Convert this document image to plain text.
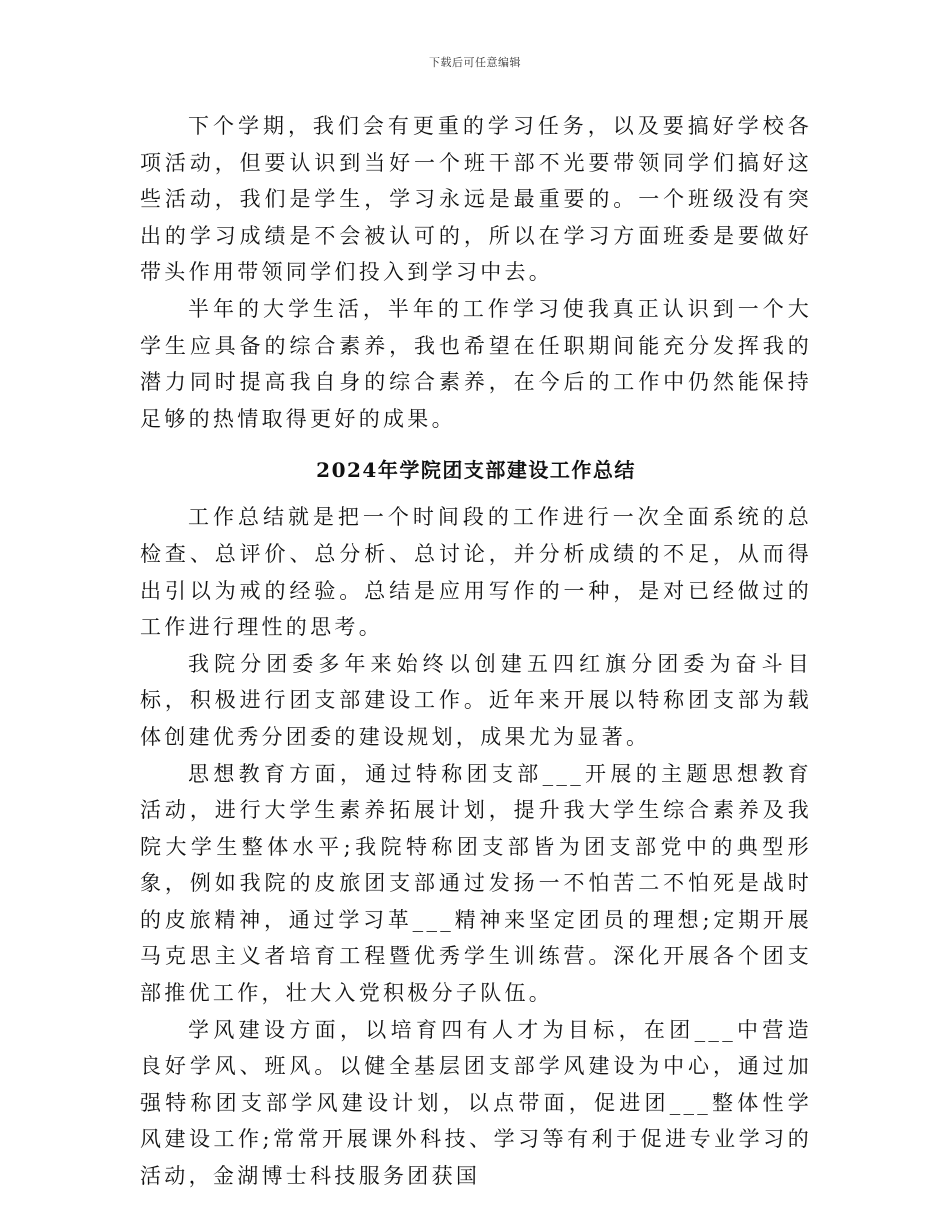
下载后可任意编辑

下个学期，我们会有更重的学习任务，以及要搞好学校各项活动，但要认识到当好一个班干部不光要带领同学们搞好这些活动，我们是学生，学习永远是最重要的。一个班级没有突出的学习成绩是不会被认可的，所以在学习方面班委是要做好带头作用带领同学们投入到学习中去。

半年的大学生活，半年的工作学习使我真正认识到一个大学生应具备的综合素养，我也希望在任职期间能充分发挥我的潜力同时提高我自身的综合素养，在今后的工作中仍然能保持足够的热情取得更好的成果。

2024年学院团支部建设工作总结

工作总结就是把一个时间段的工作进行一次全面系统的总检查、总评价、总分析、总讨论，并分析成绩的不足，从而得出引以为戒的经验。总结是应用写作的一种，是对已经做过的工作进行理性的思考。

我院分团委多年来始终以创建五四红旗分团委为奋斗目标，积极进行团支部建设工作。近年来开展以特称团支部为载体创建优秀分团委的建设规划，成果尤为显著。

思想教育方面，通过特称团支部___开展的主题思想教育活动，进行大学生素养拓展计划，提升我大学生综合素养及我院大学生整体水平;我院特称团支部皆为团支部党中的典型形象，例如我院的皮旅团支部通过发扬一不怕苦二不怕死是战时的皮旅精神，通过学习革___精神来坚定团员的理想;定期开展马克思主义者培育工程暨优秀学生训练营。深化开展各个团支部推优工作，壮大入党积极分子队伍。

学风建设方面，以培育四有人才为目标，在团___中营造良好学风、班风。以健全基层团支部学风建设为中心，通过加强特称团支部学风建设计划，以点带面，促进团___整体性学风建设工作;常常开展课外科技、学习等有利于促进专业学习的活动，金湖博士科技服务团获国
